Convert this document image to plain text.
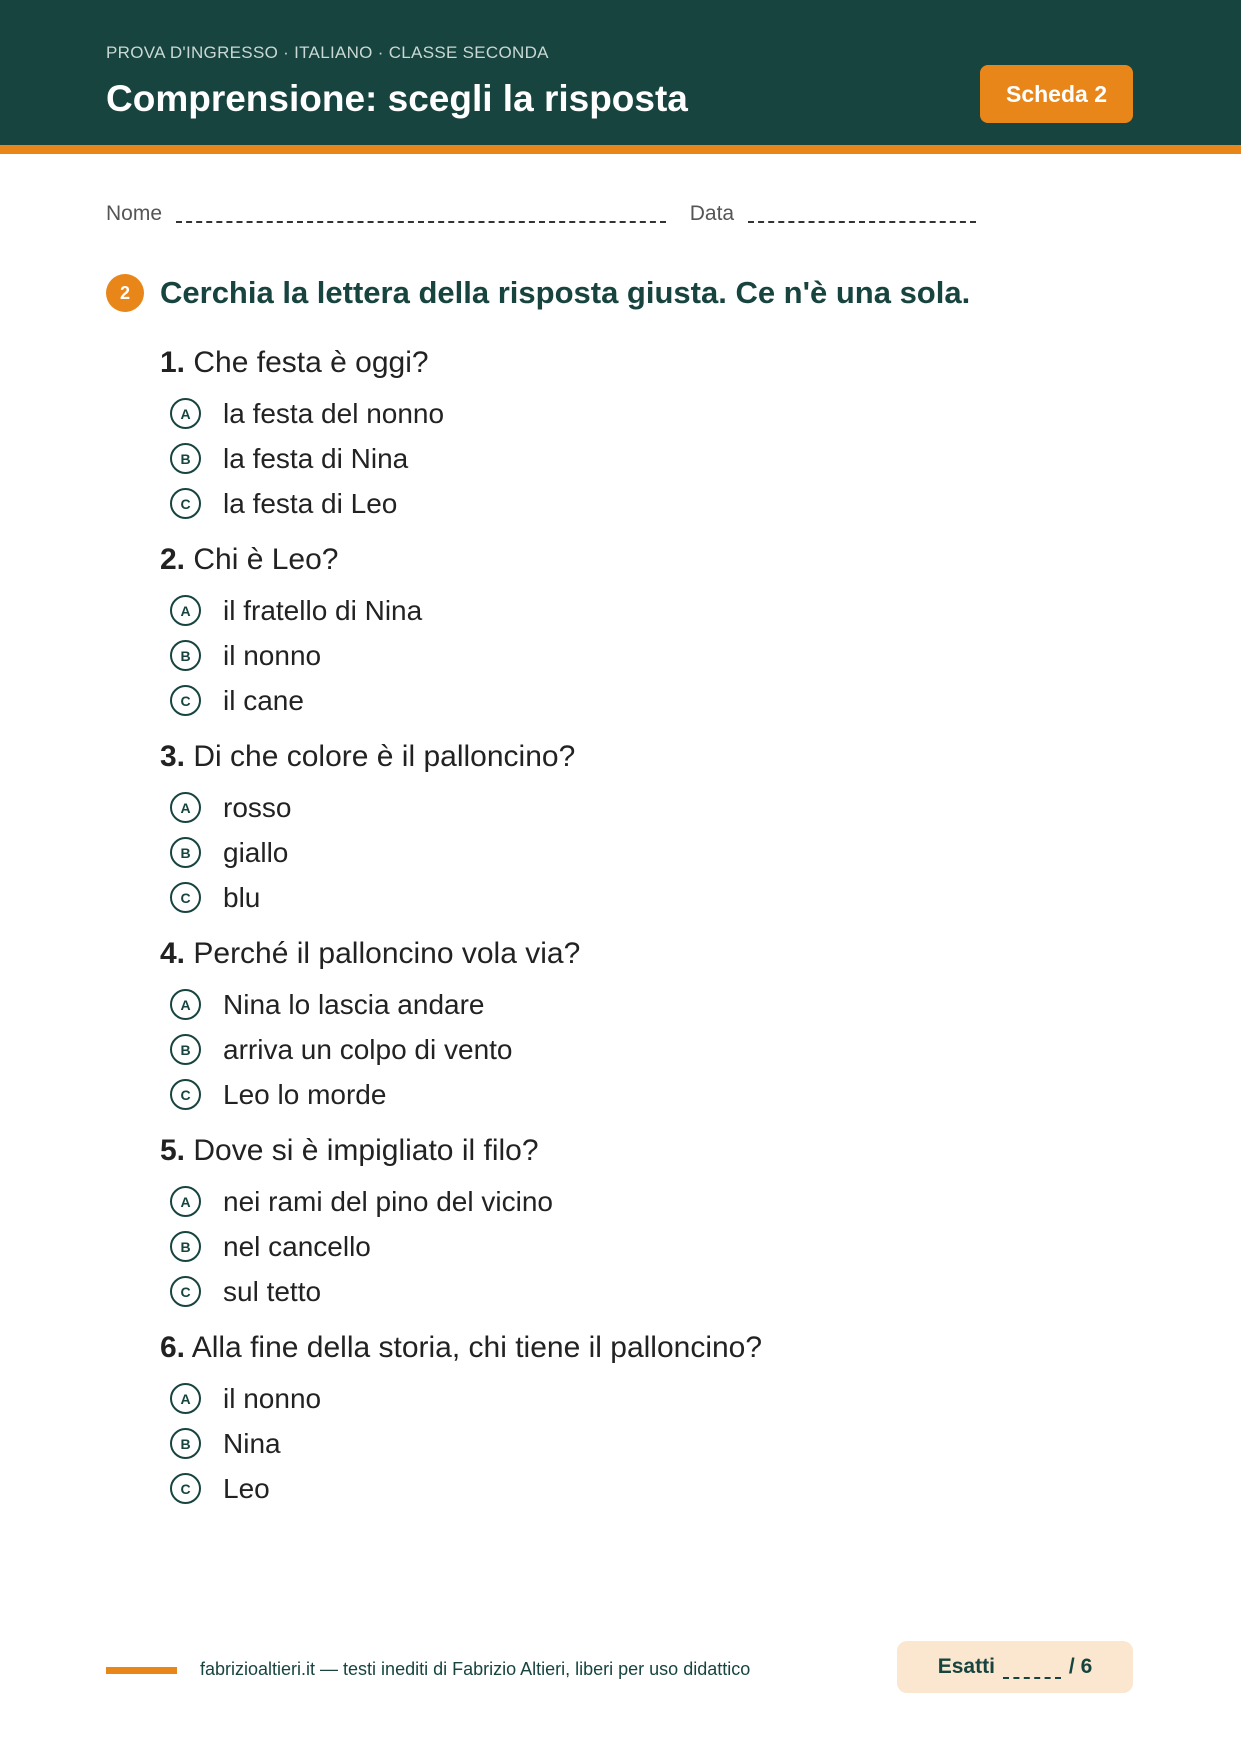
PROVA D'INGRESSO · ITALIANO · CLASSE SECONDA
Comprensione: scegli la risposta	Scheda 2
Nome	Data
2 Cerchia la lettera della risposta giusta. Ce n'è una sola.
1. Che festa è oggi?
A	la festa del nonno
B	la festa di Nina
C	la festa di Leo
2. Chi è Leo?
A	il fratello di Nina
B	il nonno
C	il cane
3. Di che colore è il palloncino?
A	rosso
B	giallo
C	blu
4. Perché il palloncino vola via?
A	Nina lo lascia andare
B	arriva un colpo di vento
C	Leo lo morde
5. Dove si è impigliato il filo?
A	nei rami del pino del vicino
B	nel cancello
C	sul tetto
6. Alla fine della storia, chi tiene il palloncino?
A	il nonno
B	Nina
C	Leo
fabrizioaltieri.it — testi inediti di Fabrizio Altieri, liberi per uso didattico	Esatti	/ 6
